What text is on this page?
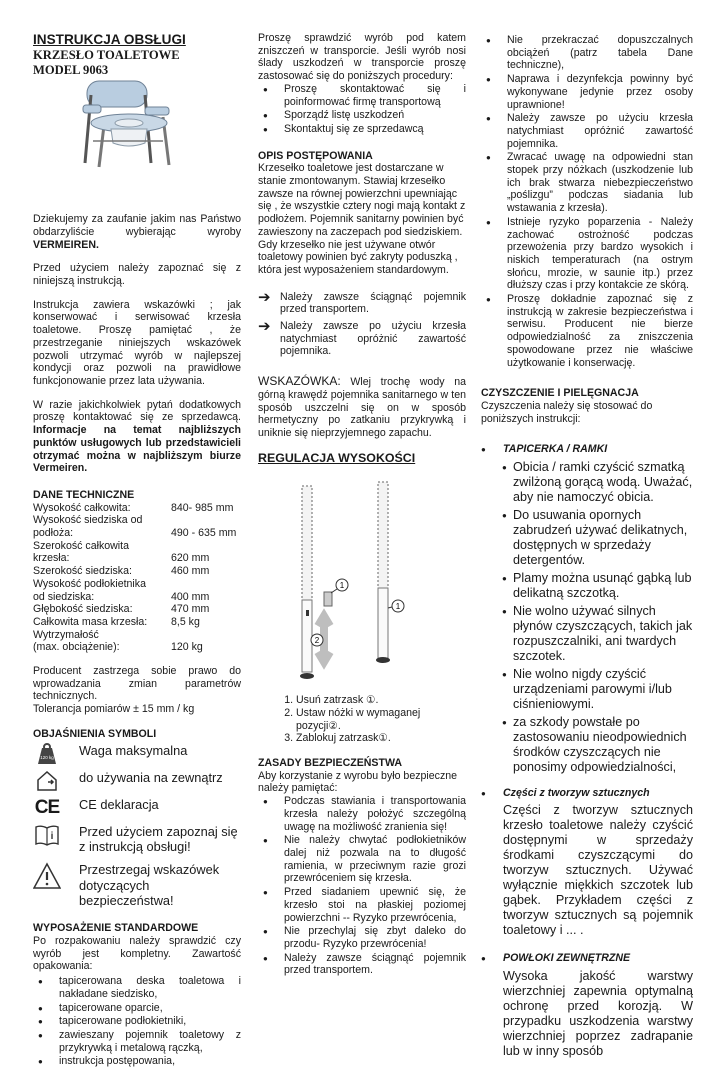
INSTRUKCJA OBSŁUGI
KRZESŁO TOALETOWE
MODEL 9063

Dziekujemy za zaufanie jakim nas Państwo obdarzyliście wybierając wyroby VERMEIREN.

Przed użyciem należy zapoznać się z niniejszą instrukcją.

Instrukcja zawiera wskazówki ; jak konserwować i serwisować krzesła toaletowe. Proszę pamiętać , że przestrzeganie niniejszych wskazówek pozwoli utrzymać wyrób w najlepszej kondycji oraz pozwoli na prawidłowe funkcjonowanie przez lata używania.

W razie jakichkolwiek pytań dodatkowych proszę kontaktować się ze sprzedawcą. Informacje na temat najbliższych punktów usługowych lub przedstawicieli otrzymać można w najbliższym biurze Vermeiren.

DANE TECHNICZNE
Wysokość całkowita:	840- 985 mm
Wysokość siedziska od
podłoża:	490 - 635 mm
Szerokość całkowita
krzesła:	620 mm
Szerokość siedziska:	460 mm
Wysokość podłokietnika
od siedziska:	400 mm
Głębokość siedziska:	470 mm
Całkowita masa krzesła:	8,5 kg
Wytrzymałość
(max. obciążenie):	120 kg

Producent zastrzega sobie prawo do wprowadzania zmian parametrów technicznych.

Tolerancja pomiarów ± 15 mm / kg

OBJAŚNIENIA SYMBOLI
120 kg Waga maksymalna
do używania na zewnątrz
CE CE deklaracja
i Przed użyciem zapoznaj się z instrukcją obsługi!
Przestrzegaj wskazówek dotyczących bezpieczeństwa!
WYPOSAŻENIE STANDARDOWE

Po rozpakowaniu należy sprawdzić czy wyrób jest kompletny. Zawartość opakowania:

● tapicerowana deska toaletowa i nakładane siedzisko,
● tapicerowane oparcie,
● tapicerowane podłokietniki,
● zawieszany pojemnik toaletowy z przykrywką i metalową rączką,
● instrukcja postępowania,

Proszę sprawdzić wyrób pod katem zniszczeń w transporcie. Jeśli wyrób nosi ślady uszkodzeń w transporcie proszę zastosować się do poniższych procedury:

● Proszę skontaktować się i poinformować firmę transportową
● Sporządź listę uszkodzeń
● Skontaktuj się ze sprzedawcą
OPIS POSTĘPOWANIA

Krzesełko toaletowe jest dostarczane w stanie zmontowanym. Stawiaj krzesełko zawsze na równej powierzchni upewniając się , że wszystkie cztery nogi mają kontakt z podłożem. Pojemnik sanitarny powinien być zawieszony na zaczepach pod siedziskiem. Gdy krzesełko nie jest używane otwór toaletowy powinien być zakryty poduszką , która jest wyposażeniem standardowym.

➔ Należy zawsze ściągnąć pojemnik przed transportem.
➔ Należy zawsze po użyciu krzesła natychmiast opróżnić zawartość pojemnika.

WSKAZÓWKA: Wlej trochę wody na górną krawędź pojemnika sanitarnego w ten sposób uszczelni się on w sposób hermetyczny po zatkaniu przykrywką i uniknie się nieprzyjemnego zapachu.

REGULACJA WYSOKOŚCI
1
2
1
1. Usuń zatrzask ①.
2. Ustaw nóżki w wymaganej pozycji②.
3. Zablokuj zatrzask①.
ZASADY BEZPIECZEŃSTWA

Aby korzystanie z wyrobu było bezpieczne należy pamiętać:

● Podczas stawiania i transportowania krzesła należy położyć szczególną uwagę na możliwość zranienia się!
● Nie należy chwytać podłokietników dalej niż pozwala na to długość ramienia, w przeciwnym razie grozi przewróceniem się krzesła.
● Przed siadaniem upewnić się, że krzesło stoi na płaskiej poziomej powierzchni -- Ryzyko przewrócenia,
● Nie przechylaj się zbyt daleko do przodu- Ryzyko przewrócenia!
● Należy zawsze ściągnąć pojemnik przed transportem.
● Nie przekraczać dopuszczalnych obciążeń (patrz tabela Dane techniczne),
● Naprawa i dezynfekcja powinny być wykonywane jedynie przez osoby uprawnione!
● Należy zawsze po użyciu krzesła natychmiast opróżnić zawartość pojemnika.
● Zwracać uwagę na odpowiedni stan stopek przy nóżkach (uszkodzenie lub ich brak stwarza niebezpieczeństwo „poślizgu” podczas siadania lub wstawania z krzesła).
● Istnieje ryzyko poparzenia - Należy zachować ostrożność podczas przewożenia przy bardzo wysokich i niskich temperaturach (na ostrym słońcu, mrozie, w saunie itp.) przez dłuższy czas i przy kontakcie ze skórą.
● Proszę dokładnie zapoznać się z instrukcją w zakresie bezpieczeństwa i serwisu. Producent nie bierze odpowiedzialność za zniszczenia spowodowane przez nie właściwe użytkowanie i konserwację.
CZYSZCZENIE I PIELĘGNACJA

Czyszczenia należy się stosować do poniższych instrukcji:

● TAPICERKA / RAMKI
● Obicia / ramki czyścić szmatką zwilżoną gorącą wodą. Uważać, aby nie namoczyć obicia.
● Do usuwania opornych zabrudzeń używać delikatnych, dostępnych w sprzedaży detergentów.
● Plamy można usunąć gąbką lub delikatną szczotką.
● Nie wolno używać silnych płynów czyszczących, takich jak rozpuszczalniki, ani twardych szczotek.
● Nie wolno nigdy czyścić urządzeniami parowymi i/lub ciśnieniowymi.
● za szkody powstałe po zastosowaniu nieodpowiednich środków czyszczących nie ponosimy odpowiedzialności,
● Części z tworzyw sztucznych
Części z tworzyw sztucznych krzesło toaletowe należy czyścić dostępnymi w sprzedaży środkami czyszczącymi do tworzyw sztucznych. Używać wyłącznie miękkich szczotek lub gąbek. Przykładem części z tworzyw sztucznych są pojemnik toaletowy i ... .
● POWŁOKI ZEWNĘTRZNE
Wysoka jakość warstwy wierzchniej zapewnia optymalną ochronę przed korozją. W przypadku uszkodzenia warstwy wierzchniej poprzez zadrapanie lub w inny sposób
